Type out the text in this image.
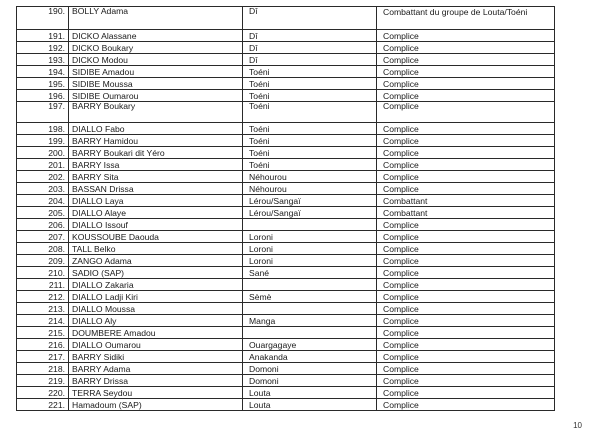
190.	BOLLY Adama	Dî	Combattant du groupe de Louta/Toéni
191.	DICKO Alassane	Dî	Complice
192.	DICKO Boukary	Dî	Complice
193.	DICKO Modou	Dî	Complice
194.	SIDIBE Amadou	Toéni	Complice
195.	SIDIBE Moussa	Toéni	Complice
196.	SIDIBE Oumarou	Toéni	Complice
197.	BARRY Boukary	Toéni	Complice
198.	DIALLO Fabo	Toéni	Complice
199.	BARRY Hamidou	Toéni	Complice
200.	BARRY Boukari dit Yéro	Toéni	Complice
201.	BARRY Issa	Toéni	Complice
202.	BARRY Sita	Néhourou	Complice
203.	BASSAN Drissa	Néhourou	Complice
204.	DIALLO Laya	Lérou/Sangaï	Combattant
205.	DIALLO Alaye	Lérou/Sangaï	Combattant
206.	DIALLO Issouf		Complice
207.	KOUSSOUBE Daouda	Loroni	Complice
208.	TALL Belko	Loroni	Complice
209.	ZANGO Adama	Loroni	Complice
210.	SADIO (SAP)	Sané	Complice
211.	DIALLO Zakaria		Complice
212.	DIALLO Ladji Kiri	Sèmè	Complice
213.	DIALLO Moussa		Complice
214.	DIALLO Aly	Manga	Complice
215.	DOUMBERE Amadou		Complice
216.	DIALLO Oumarou	Ouargagaye	Complice
217.	BARRY Sidiki	Anakanda	Complice
218.	BARRY Adama	Domoni	Complice
219.	BARRY Drissa	Domoni	Complice
220.	TERRA Seydou	Louta	Complice
221.	Hamadoum (SAP)	Louta	Complice
10
